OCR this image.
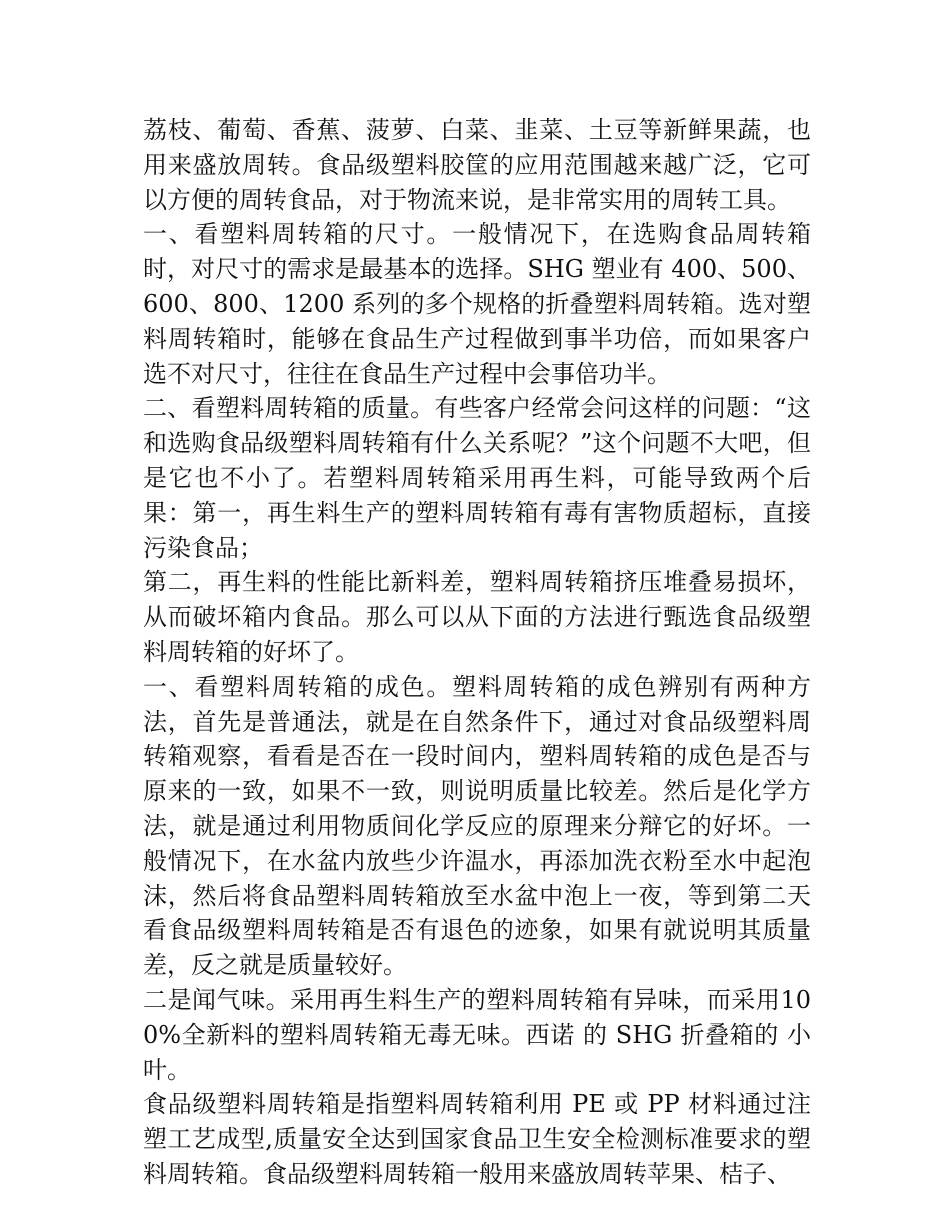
荔枝、葡萄、香蕉、菠萝、白菜、韭菜、土豆等新鲜果蔬，也用来盛放周转。食品级塑料胶筐的应用范围越来越广泛，它可以方便的周转食品，对于物流来说，是非常实用的周转工具。

一、看塑料周转箱的尺寸。一般情况下，在选购食品周转箱时，对尺寸的需求是最基本的选择。SHG 塑业有 400、500、600、800、1200 系列的多个规格的折叠塑料周转箱。选对塑料周转箱时，能够在食品生产过程做到事半功倍，而如果客户选不对尺寸，往往在食品生产过程中会事倍功半。

二、看塑料周转箱的质量。有些客户经常会问这样的问题：“这和选购食品级塑料周转箱有什么关系呢？”这个问题不大吧，但是它也不小了。若塑料周转箱采用再生料，可能导致两个后果：第一，再生料生产的塑料周转箱有毒有害物质超标，直接污染食品；

第二，再生料的性能比新料差，塑料周转箱挤压堆叠易损坏，从而破坏箱内食品。那么可以从下面的方法进行甄选食品级塑料周转箱的好坏了。

一、看塑料周转箱的成色。塑料周转箱的成色辨别有两种方法，首先是普通法，就是在自然条件下，通过对食品级塑料周转箱观察，看看是否在一段时间内，塑料周转箱的成色是否与原来的一致，如果不一致，则说明质量比较差。然后是化学方法，就是通过利用物质间化学反应的原理来分辩它的好坏。一般情况下，在水盆内放些少许温水，再添加洗衣粉至水中起泡沫，然后将食品塑料周转箱放至水盆中泡上一夜，等到第二天看食品级塑料周转箱是否有退色的迹象，如果有就说明其质量差，反之就是质量较好。

二是闻气味。采用再生料生产的塑料周转箱有异味，而采用100%全新料的塑料周转箱无毒无味。西诺 的 SHG 折叠箱的 小叶。

食品级塑料周转箱是指塑料周转箱利用 PE 或 PP 材料通过注塑工艺成型,质量安全达到国家食品卫生安全检测标准要求的塑料周转箱。食品级塑料周转箱一般用来盛放周转苹果、桔子、
